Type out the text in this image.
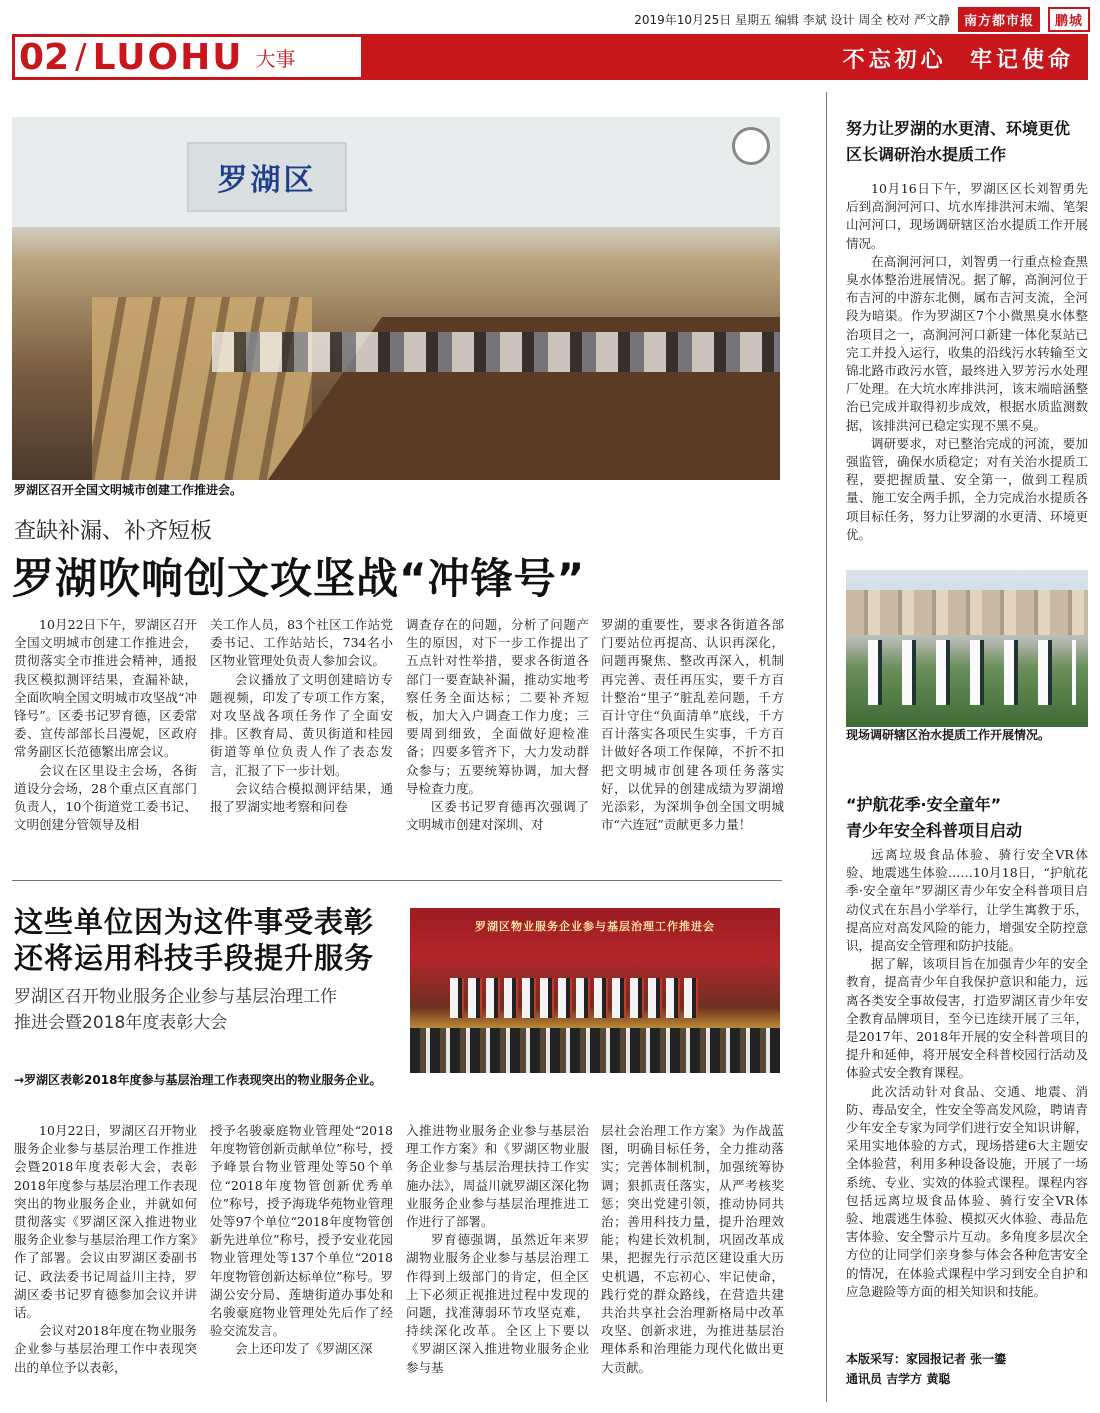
2019年10月25日 星期五 编辑 李斌 设计 周全 校对 严文静	南方都市报	鹏城
02 / LUOHU 大事	不忘初心  牢记使命
罗湖区
罗湖区召开全国文明城市创建工作推进会。
查缺补漏、补齐短板
罗湖吹响创文攻坚战“冲锋号”

10月22日下午，罗湖区召开全国文明城市创建工作推进会，贯彻落实全市推进会精神，通报我区模拟测评结果，查漏补缺，全面吹响全国文明城市攻坚战“冲锋号”。区委书记罗育德，区委常委、宣传部部长吕漫妮，区政府常务副区长范德繁出席会议。

会议在区里设主会场，各街道设分会场，28个重点区直部门负责人，10个街道党工委书记、文明创建分管领导及相

关工作人员，83个社区工作站党委书记、工作站站长，734名小区物业管理处负责人参加会议。

会议播放了文明创建暗访专题视频，印发了专项工作方案，对攻坚战各项任务作了全面安排。区教育局、黄贝街道和桂园街道等单位负责人作了表态发言，汇报了下一步计划。

会议结合模拟测评结果，通报了罗湖实地考察和问卷

调查存在的问题，分析了问题产生的原因，对下一步工作提出了五点针对性举措，要求各街道各部门一要查缺补漏，推动实地考察任务全面达标；二要补齐短板，加大入户调查工作力度；三要周到细致，全面做好迎检准备；四要多管齐下，大力发动群众参与；五要统筹协调，加大督导检查力度。

区委书记罗育德再次强调了文明城市创建对深圳、对

罗湖的重要性，要求各街道各部门要站位再提高、认识再深化，问题再聚焦、整改再深入，机制再完善、责任再压实，要千方百计整治“里子”脏乱差问题，千方百计守住“负面清单”底线，千方百计落实各项民生实事，千方百计做好各项工作保障，不折不扣把文明城市创建各项任务落实好，以优异的创建成绩为罗湖增光添彩，为深圳争创全国文明城市“六连冠”贡献更多力量！

这些单位因为这件事受表彰
还将运用科技手段提升服务
罗湖区召开物业服务企业参与基层治理工作
推进会暨2018年度表彰大会
罗湖区物业服务企业参与基层治理工作推进会
→罗湖区表彰2018年度参与基层治理工作表现突出的物业服务企业。

10月22日，罗湖区召开物业服务企业参与基层治理工作推进会暨2018年度表彰大会，表彰2018年度参与基层治理工作表现突出的物业服务企业，并就如何贯彻落实《罗湖区深入推进物业服务企业参与基层治理工作方案》作了部署。会议由罗湖区委副书记、政法委书记周益川主持，罗湖区委书记罗育德参加会议并讲话。

会议对2018年度在物业服务企业参与基层治理工作中表现突出的单位予以表彰，

授予名骏豪庭物业管理处“2018年度物管创新贡献单位”称号，授予峰景台物业管理处等50个单位“2018年度物管创新优秀单位”称号，授予海珑华苑物业管理处等97个单位“2018年度物管创新先进单位”称号，授予安业花园物业管理处等137个单位“2018年度物管创新达标单位”称号。罗湖公安分局、莲塘街道办事处和名骏豪庭物业管理处先后作了经验交流发言。

会上还印发了《罗湖区深

入推进物业服务企业参与基层治理工作方案》和《罗湖区物业服务企业参与基层治理扶持工作实施办法》，周益川就罗湖区深化物业服务企业参与基层治理推进工作进行了部署。

罗育德强调，虽然近年来罗湖物业服务企业参与基层治理工作得到上级部门的肯定，但全区上下必须正视推进过程中发现的问题，找准薄弱环节攻坚克难，持续深化改革。全区上下要以《罗湖区深入推进物业服务企业参与基

层社会治理工作方案》为作战蓝图，明确目标任务，全力推动落实；完善体制机制，加强统筹协调；狠抓责任落实，从严考核奖惩；突出党建引领，推动协同共治；善用科技力量，提升治理效能；构建长效机制，巩固改革成果，把握先行示范区建设重大历史机遇，不忘初心、牢记使命，践行党的群众路线，在营造共建共治共享社会治理新格局中改革攻坚、创新求进，为推进基层治理体系和治理能力现代化做出更大贡献。

努力让罗湖的水更清、环境更优
区长调研治水提质工作

10月16日下午，罗湖区区长刘智勇先后到高涧河河口、坑水库排洪河末端、笔架山河河口，现场调研辖区治水提质工作开展情况。

在高涧河河口，刘智勇一行重点检查黑臭水体整治进展情况。据了解，高涧河位于布吉河的中游东北侧，属布吉河支流，全河段为暗渠。作为罗湖区7个小微黑臭水体整治项目之一，高涧河河口新建一体化泵站已完工并投入运行，收集的沿线污水转输至文锦北路市政污水管，最终进入罗芳污水处理厂处理。在大坑水库排洪河，该末端暗涵整治已完成并取得初步成效，根据水质监测数据，该排洪河已稳定实现不黑不臭。

调研要求，对已整治完成的河流，要加强监管，确保水质稳定；对有关治水提质工程，要把握质量、安全第一，做到工程质量、施工安全两手抓，全力完成治水提质各项目标任务，努力让罗湖的水更清、环境更优。

现场调研辖区治水提质工作开展情况。
“护航花季·安全童年”
青少年安全科普项目启动

远离垃圾食品体验、骑行安全VR体验、地震逃生体验……10月18日，“护航花季·安全童年”罗湖区青少年安全科普项目启动仪式在东昌小学举行，让学生寓教于乐，提高应对高发风险的能力，增强安全防控意识，提高安全管理和防护技能。

据了解，该项目旨在加强青少年的安全教育，提高青少年自我保护意识和能力，远离各类安全事故侵害，打造罗湖区青少年安全教育品牌项目，至今已连续开展了三年，是2017年、2018年开展的安全科普项目的提升和延伸，将开展安全科普校园行活动及体验式安全教育课程。

此次活动针对食品、交通、地震、消防、毒品安全，性安全等高发风险，聘请青少年安全专家为同学们进行安全知识讲解，采用实地体验的方式，现场搭建6大主题安全体验营，利用多种设备设施，开展了一场系统、专业、实效的体验式课程。课程内容包括远离垃圾食品体验、骑行安全VR体验、地震逃生体验、模拟灭火体验、毒品危害体验、安全警示片互动。多角度多层次全方位的让同学们亲身参与体会各种危害安全的情况，在体验式课程中学习到安全自护和应急避险等方面的相关知识和技能。

本版采写：家园报记者 张一鎏
通讯员 吉学方 黄聪
